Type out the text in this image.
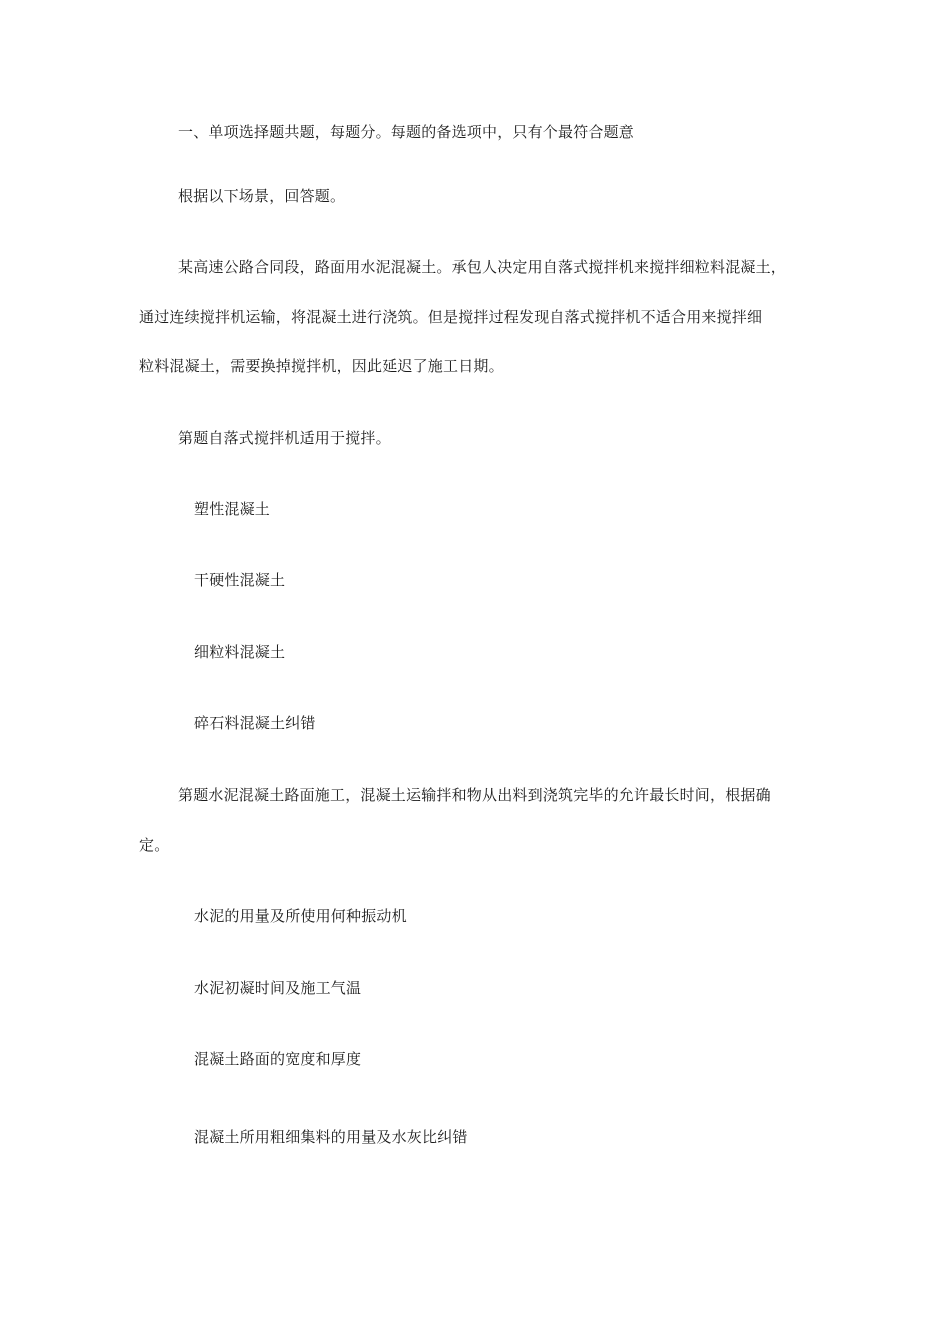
一、单项选择题共题，每题分。每题的备选项中，只有个最符合题意
根据以下场景，回答题。
某高速公路合同段，路面用水泥混凝土。承包人决定用自落式搅拌机来搅拌细粒料混凝土，
通过连续搅拌机运输，将混凝土进行浇筑。但是搅拌过程发现自落式搅拌机不适合用来搅拌细
粒料混凝土，需要换掉搅拌机，因此延迟了施工日期。
第题自落式搅拌机适用于搅拌。
塑性混凝土
干硬性混凝土
细粒料混凝土
碎石料混凝土纠错
第题水泥混凝土路面施工，混凝土运输拌和物从出料到浇筑完毕的允许最长时间，根据确
定。
水泥的用量及所使用何种振动机
水泥初凝时间及施工气温
混凝土路面的宽度和厚度
混凝土所用粗细集料的用量及水灰比纠错
